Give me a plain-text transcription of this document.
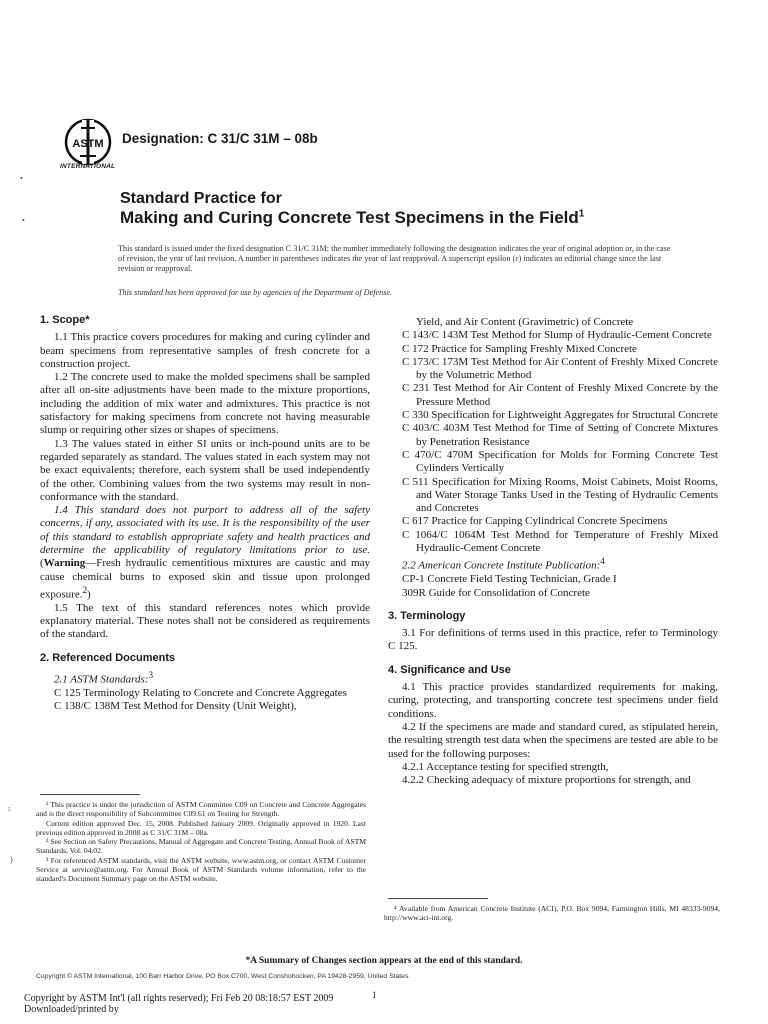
ASTM
INTERNATIONAL
Designation: C 31/C 31M – 08b
Standard Practice for
Making and Curing Concrete Test Specimens in the Field$^1$
This standard is issued under the fixed designation C 31/C 31M; the number immediately following the designation indicates the year of original adoption or, in the case of revision, the year of last revision. A number in parentheses indicates the year of last reapproval. A superscript epsilon (ε) indicates an editorial change since the last revision or reapproval.
This standard has been approved for use by agencies of the Department of Defense.
•
•
1. Scope*

1.1 This practice covers procedures for making and curing cylinder and beam specimens from representative samples of fresh concrete for a construction project.

1.2 The concrete used to make the molded specimens shall be sampled after all on-site adjustments have been made to the mixture proportions, including the addition of mix water and admixtures. This practice is not satisfactory for making specimens from concrete not having measurable slump or requiring other sizes or shapes of specimens.

1.3 The values stated in either SI units or inch-pound units are to be regarded separately as standard. The values stated in each system may not be exact equivalents; therefore, each system shall be used independently of the other. Combining values from the two systems may result in non-conformance with the standard.

1.4 This standard does not purport to address all of the safety concerns, if any, associated with its use. It is the responsibility of the user of this standard to establish appropriate safety and health practices and determine the applicability of regulatory limitations prior to use. (Warning—Fresh hydraulic cementitious mixtures are caustic and may cause chemical burns to exposed skin and tissue upon prolonged exposure.$^2$)

1.5 The text of this standard references notes which provide explanatory material. These notes shall not be considered as requirements of the standard.

2. Referenced Documents

2.1 ASTM Standards:$^3$

C 125 Terminology Relating to Concrete and Concrete Aggregates

C 138/C 138M Test Method for Density (Unit Weight),

Yield, and Air Content (Gravimetric) of Concrete

C 143/C 143M Test Method for Slump of Hydraulic-Cement Concrete

C 172 Practice for Sampling Freshly Mixed Concrete

C 173/C 173M Test Method for Air Content of Freshly Mixed Concrete by the Volumetric Method

C 231 Test Method for Air Content of Freshly Mixed Concrete by the Pressure Method

C 330 Specification for Lightweight Aggregates for Structural Concrete

C 403/C 403M Test Method for Time of Setting of Concrete Mixtures by Penetration Resistance

C 470/C 470M Specification for Molds for Forming Concrete Test Cylinders Vertically

C 511 Specification for Mixing Rooms, Moist Cabinets, Moist Rooms, and Water Storage Tanks Used in the Testing of Hydraulic Cements and Concretes

C 617 Practice for Capping Cylindrical Concrete Specimens

C 1064/C 1064M Test Method for Temperature of Freshly Mixed Hydraulic-Cement Concrete

2.2 American Concrete Institute Publication:$^4$

CP-1 Concrete Field Testing Technician, Grade I

309R Guide for Consolidation of Concrete

3. Terminology

3.1 For definitions of terms used in this practice, refer to Terminology C 125.

4. Significance and Use

4.1 This practice provides standardized requirements for making, curing, protecting, and transporting concrete test specimens under field conditions.

4.2 If the specimens are made and standard cured, as stipulated herein, the resulting strength test data when the specimens are tested are able to be used for the following purposes:

4.2.1 Acceptance testing for specified strength,

4.2.2 Checking adequacy of mixture proportions for strength, and

¹ This practice is under the jurisdiction of ASTM Committee C09 on Concrete and Concrete Aggregates and is the direct responsibility of Subcommittee C09.61 on Testing for Strength.

Current edition approved Dec. 15, 2008. Published January 2009. Originally approved in 1920. Last previous edition approved in 2008 as C 31/C 31M – 08a.

² See Section on Safety Precautions, Manual of Aggregate and Concrete Testing, Annual Book of ASTM Standards, Vol. 04.02.

³ For referenced ASTM standards, visit the ASTM website, www.astm.org, or contact ASTM Customer Service at service@astm.org. For Annual Book of ASTM Standards volume information, refer to the standard's Document Summary page on the ASTM website.

⁴ Available from American Concrete Institute (ACI), P.O. Box 9094, Farmington Hills, MI 48333-9094, http://www.aci-int.org.

⁵
)
*A Summary of Changes section appears at the end of this standard.
Copyright © ASTM International, 100 Barr Harbor Drive, PO Box C700, West Conshohocken, PA 19428-2959, United States.
1
Copyright by ASTM Int'l (all rights reserved); Fri Feb 20 08:18:57 EST 2009
Downloaded/printed by
